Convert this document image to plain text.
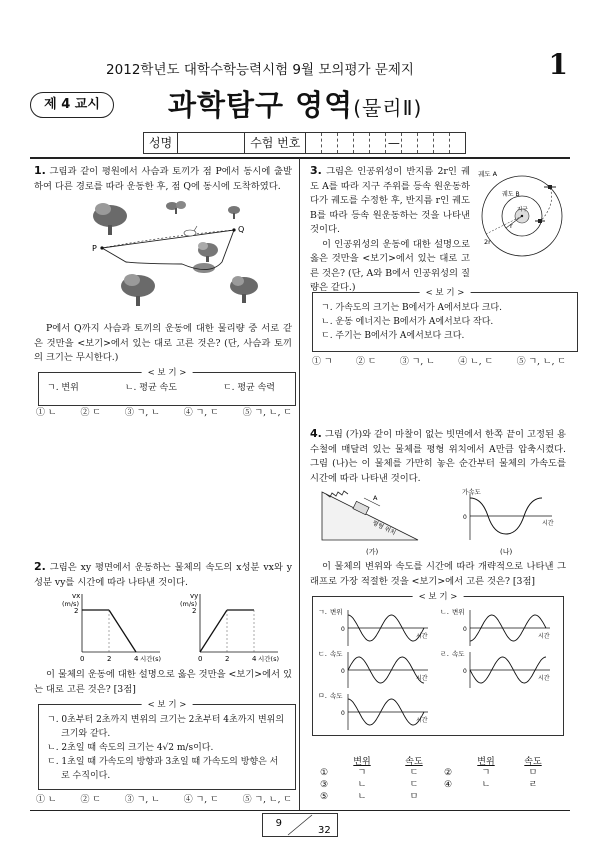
2012학년도 대학수학능력시험 9월 모의평가 문제지	1
제 4 교시	과학탐구 영역(물리Ⅱ)
성명	수험 번호	—
1. 그림과 같이 평원에서 사슴과 토끼가 점 P에서 동시에 출발하여 다른 경로를 따라 운동한 후, 점 Q에 동시에 도착하였다.
P
Q
P에서 Q까지 사슴과 토끼의 운동에 대한 물리량 중 서로 같은 것만을 <보기>에서 있는 대로 고른 것은? (단, 사슴과 토끼의 크기는 무시한다.)
< 보 기 >
ㄱ. 변위	ㄴ. 평균 속도	ㄷ. 평균 속력
① ㄴ	② ㄷ	③ ㄱ, ㄴ	④ ㄱ, ㄷ	⑤ ㄱ, ㄴ, ㄷ
2. 그림은 xy 평면에서 운동하는 물체의 속도의 x성분 vx와 y성분 vy를 시간에 따라 나타낸 것이다.
vx
(m/s)
2
0	2	4 시간(s)
vy
(m/s)
2
0	2	4 시간(s)
이 물체의 운동에 대한 설명으로 옳은 것만을 <보기>에서 있는 대로 고른 것은? [3점]
< 보 기 >
ㄱ. 0초부터 2초까지 변위의 크기는 2초부터 4초까지 변위의 크기와 같다.
ㄴ. 2초일 때 속도의 크기는 4√2 m/s이다.
ㄷ. 1초일 때 가속도의 방향과 3초일 때 가속도의 방향은 서로 수직이다.
① ㄴ	② ㄷ	③ ㄱ, ㄴ	④ ㄱ, ㄷ	⑤ ㄱ, ㄴ, ㄷ
3. 그림은 인공위성이 반지름 2r인 궤도 A를 따라 지구 주위를 등속 원운동하다가 궤도를 수정한 후, 반지름 r인 궤도 B를 따라 등속 원운동하는 것을 나타낸 것이다.
이 인공위성의 운동에 대한 설명으로 옳은 것만을 <보기>에서 있는 대로 고른 것은? (단, A와 B에서 인공위성의 질량은 같다.)
궤도 A
궤도 B
지구
r
2r
< 보 기 >
ㄱ. 가속도의 크기는 B에서가 A에서보다 크다.
ㄴ. 운동 에너지는 B에서가 A에서보다 작다.
ㄷ. 주기는 B에서가 A에서보다 크다.
① ㄱ	② ㄷ	③ ㄱ, ㄴ	④ ㄴ, ㄷ	⑤ ㄱ, ㄴ, ㄷ
4. 그림 (가)와 같이 마찰이 없는 빗면에서 한쪽 끝이 고정된 용수철에 매달려 있는 물체를 평형 위치에서 A만큼 압축시켰다. 그림 (나)는 이 물체를 가만히 놓은 순간부터 물체의 가속도를 시간에 따라 나타낸 것이다.
A
평형 위치
(가)
가속도
0
시간
(나)
이 물체의 변위와 속도를 시간에 따라 개략적으로 나타낸 그래프로 가장 적절한 것을 <보기>에서 고른 것은? [3점]
< 보 기 >
ㄱ. 변위
0
시간
ㄴ. 변위
0
시간
ㄷ. 속도
0
시간
ㄹ. 속도
0
시간
ㅁ. 속도
0
시간
변위	속도	변위	속도
①	ㄱ	ㄷ	②	ㄱ	ㅁ
③	ㄴ	ㄷ	④	ㄴ	ㄹ
⑤	ㄴ	ㅁ
9
32
